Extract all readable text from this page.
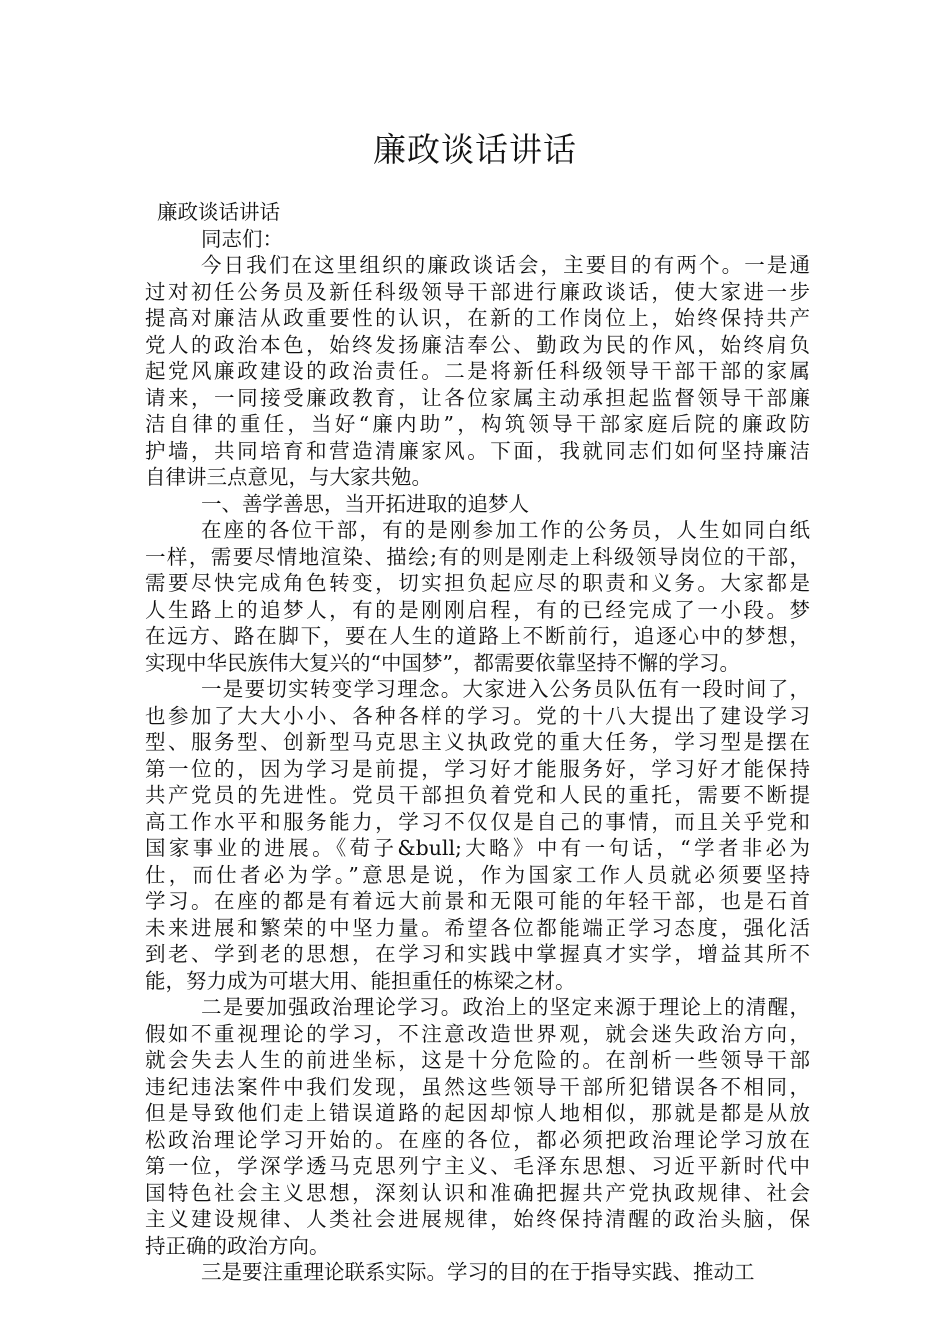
廉政谈话讲话
廉政谈话讲话
同志们：
今日我们在这里组织的廉政谈话会，主要目的有两个。一是通
过对初任公务员及新任科级领导干部进行廉政谈话，使大家进一步
提高对廉洁从政重要性的认识，在新的工作岗位上，始终保持共产
党人的政治本色，始终发扬廉洁奉公、勤政为民的作风，始终肩负
起党风廉政建设的政治责任。二是将新任科级领导干部干部的家属
请来，一同接受廉政教育，让各位家属主动承担起监督领导干部廉
洁自律的重任，当好“廉内助”，构筑领导干部家庭后院的廉政防
护墙，共同培育和营造清廉家风。下面，我就同志们如何坚持廉洁
自律讲三点意见，与大家共勉。
一、善学善思，当开拓进取的追梦人
在座的各位干部，有的是刚参加工作的公务员，人生如同白纸
一样，需要尽情地渲染、描绘;有的则是刚走上科级领导岗位的干部，
需要尽快完成角色转变，切实担负起应尽的职责和义务。大家都是
人生路上的追梦人，有的是刚刚启程，有的已经完成了一小段。梦
在远方、路在脚下，要在人生的道路上不断前行，追逐心中的梦想，
实现中华民族伟大复兴的“中国梦”，都需要依靠坚持不懈的学习。
一是要切实转变学习理念。大家进入公务员队伍有一段时间了，
也参加了大大小小、各种各样的学习。党的十八大提出了建设学习
型、服务型、创新型马克思主义执政党的重大任务，学习型是摆在
第一位的，因为学习是前提，学习好才能服务好，学习好才能保持
共产党员的先进性。党员干部担负着党和人民的重托，需要不断提
高工作水平和服务能力，学习不仅仅是自己的事情，而且关乎党和
国家事业的进展。《荀子&bull;大略》中有一句话，“学者非必为
仕，而仕者必为学。”意思是说，作为国家工作人员就必须要坚持
学习。在座的都是有着远大前景和无限可能的年轻干部，也是石首
未来进展和繁荣的中坚力量。希望各位都能端正学习态度，强化活
到老、学到老的思想，在学习和实践中掌握真才实学，增益其所不
能，努力成为可堪大用、能担重任的栋梁之材。
二是要加强政治理论学习。政治上的坚定来源于理论上的清醒，
假如不重视理论的学习，不注意改造世界观，就会迷失政治方向，
就会失去人生的前进坐标，这是十分危险的。在剖析一些领导干部
违纪违法案件中我们发现，虽然这些领导干部所犯错误各不相同，
但是导致他们走上错误道路的起因却惊人地相似，那就是都是从放
松政治理论学习开始的。在座的各位，都必须把政治理论学习放在
第一位，学深学透马克思列宁主义、毛泽东思想、习近平新时代中
国特色社会主义思想，深刻认识和准确把握共产党执政规律、社会
主义建设规律、人类社会进展规律，始终保持清醒的政治头脑，保
持正确的政治方向。
三是要注重理论联系实际。学习的目的在于指导实践、推动工
